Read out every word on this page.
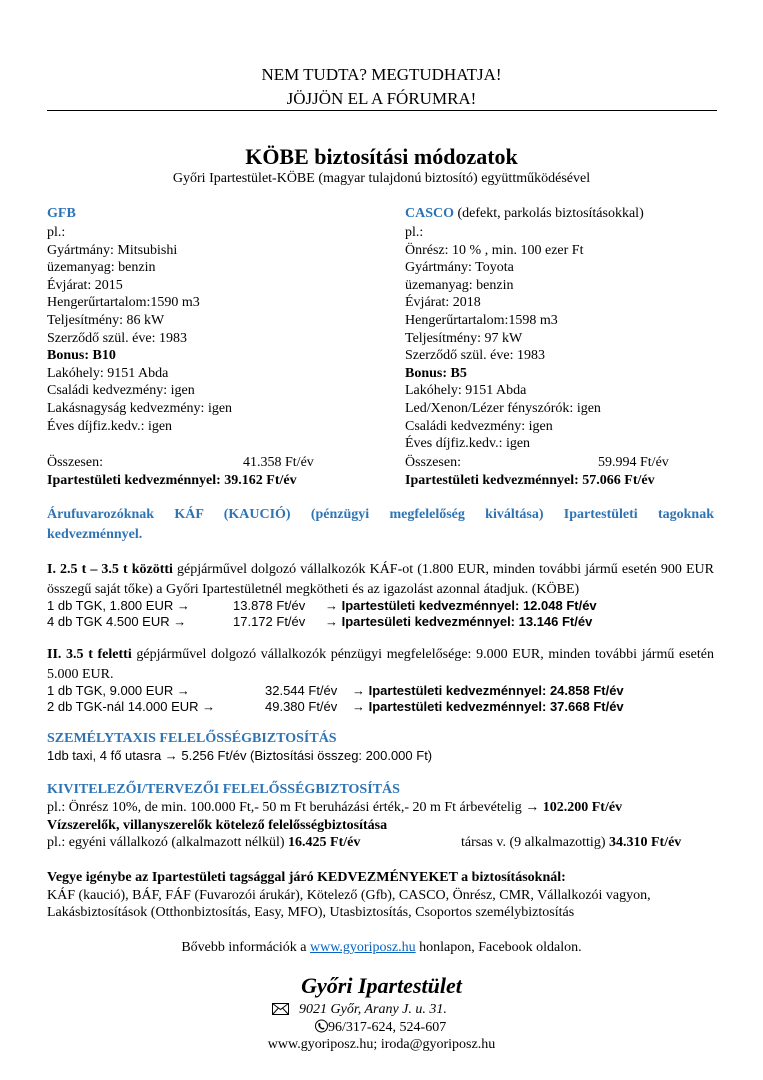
NEM TUDTA? MEGTUDHATJA!
JÖJJÖN EL A FÓRUMRA!
KÖBE biztosítási módozatok
Győri Ipartestület-KÖBE (magyar tulajdonú biztosító) együttműködésével
GFB
pl.:
Gyártmány: Mitsubishi
üzemanyag: benzin
Évjárat: 2015
Hengerűrtartalom:1590 m3
Teljesítmény: 86 kW
Szerződő szül. éve: 1983
Bonus: B10
Lakóhely: 9151 Abda
Családi kedvezmény: igen
Lakásnagyság kedvezmény: igen
Éves díjfiz.kedv.: igen
Összesen:	41.358 Ft/év
Ipartestületi kedvezménnyel: 39.162 Ft/év
CASCO (defekt, parkolás biztosításokkal)
pl.:
Önrész: 10 % , min. 100 ezer Ft
Gyártmány: Toyota
üzemanyag: benzin
Évjárat: 2018
Hengerűrtartalom:1598 m3
Teljesítmény: 97 kW
Szerződő szül. éve: 1983
Bonus: B5
Lakóhely: 9151 Abda
Led/Xenon/Lézer fényszórók: igen
Családi kedvezmény: igen
Éves díjfiz.kedv.: igen
Összesen:	59.994 Ft/év
Ipartestületi kedvezménnyel: 57.066 Ft/év
Árufuvarozóknak KÁF (KAUCIÓ) (pénzügyi megfelelőség kiváltása) Ipartestületi tagoknak kedvezménnyel.
I. 2.5 t – 3.5 t közötti gépjárművel dolgozó vállalkozók KÁF-ot (1.800 EUR, minden további jármű esetén 900 EUR összegű saját tőke) a Győri Ipartestületnél megkötheti és az igazolást azonnal átadjuk. (KÖBE)
1 db TGK, 1.800 EUR →	13.878 Ft/év → Ipartestületi kedvezménnyel: 12.048 Ft/év
4 db TGK 4.500 EUR →	17.172 Ft/év → Ipartesületi kedvezménnyel: 13.146 Ft/év
II. 3.5 t feletti gépjárművel dolgozó vállalkozók pénzügyi megfelelősége: 9.000 EUR, minden további jármű esetén 5.000 EUR.
1 db TGK, 9.000 EUR →	32.544 Ft/év → Ipartestületi kedvezménnyel: 24.858 Ft/év
2 db TGK-nál 14.000 EUR →	49.380 Ft/év → Ipartestületi kedvezménnyel: 37.668 Ft/év
SZEMÉLYTAXIS FELELŐSSÉGBIZTOSÍTÁS
1db taxi, 4 fő utasra → 5.256 Ft/év (Biztosítási összeg: 200.000 Ft)
KIVITELEZŐI/TERVEZŐI FELELŐSSÉGBIZTOSÍTÁS
pl.: Önrész 10%, de min. 100.000 Ft,- 50 m Ft beruházási érték,- 20 m Ft árbevételig → 102.200 Ft/év
Vízszerelők, villanyszerelők kötelező felelősségbiztosítása
pl.: egyéni vállalkozó (alkalmazott nélkül) 16.425 Ft/év	társas v. (9 alkalmazottig) 34.310 Ft/év
Vegye igénybe az Ipartestületi tagsággal járó KEDVEZMÉNYEKET a biztosításoknál:
KÁF (kaució), BÁF, FÁF (Fuvarozói árukár), Kötelező (Gfb), CASCO, Önrész, CMR, Vállalkozói vagyon,
Lakásbiztosítások (Otthonbiztosítás, Easy, MFO), Utasbiztosítás, Csoportos személybiztosítás
Bővebb információk a www.gyoriposz.hu honlapon, Facebook oldalon.
Győri Ipartestület
9021 Győr, Arany J. u. 31.
96/317-624, 524-607
www.gyoriposz.hu; iroda@gyoriposz.hu
